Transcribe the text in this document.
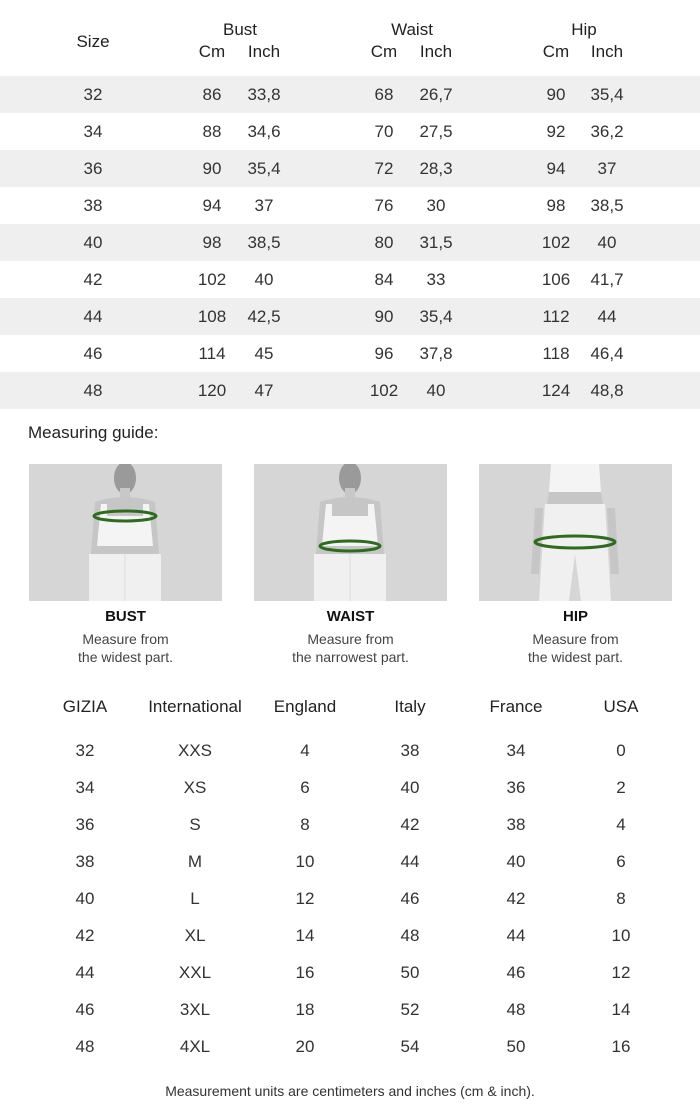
Size
Bust
Cm Inch
Waist
Cm Inch
Hip
Cm Inch
32	86 33,8	68 26,7	90 35,4
34	88 34,6	70 27,5	92 36,2
36	90 35,4	72 28,3	94 37
38	94 37	76 30	98 38,5
40	98 38,5	80 31,5	102 40
42	102 40	84 33	106 41,7
44	108 42,5	90 35,4	112 44
46	114 45	96 37,8	118 46,4
48	120 47	102 40	124 48,8
Measuring guide:
BUST
Measure from
the widest part.
WAIST
Measure from
the narrowest part.
HIP
Measure from
the widest part.
GIZIA International England	Italy	France	USA
32	XXS	4	38	34	0
34	XS	6	40	36	2
36	S	8	42	38	4
38	M	10	44	40	6
40	L	12	46	42	8
42	XL	14	48	44	10
44	XXL	16	50	46	12
46	3XL	18	52	48	14
48	4XL	20	54	50	16
Measurement units are centimeters and inches (cm & inch).
